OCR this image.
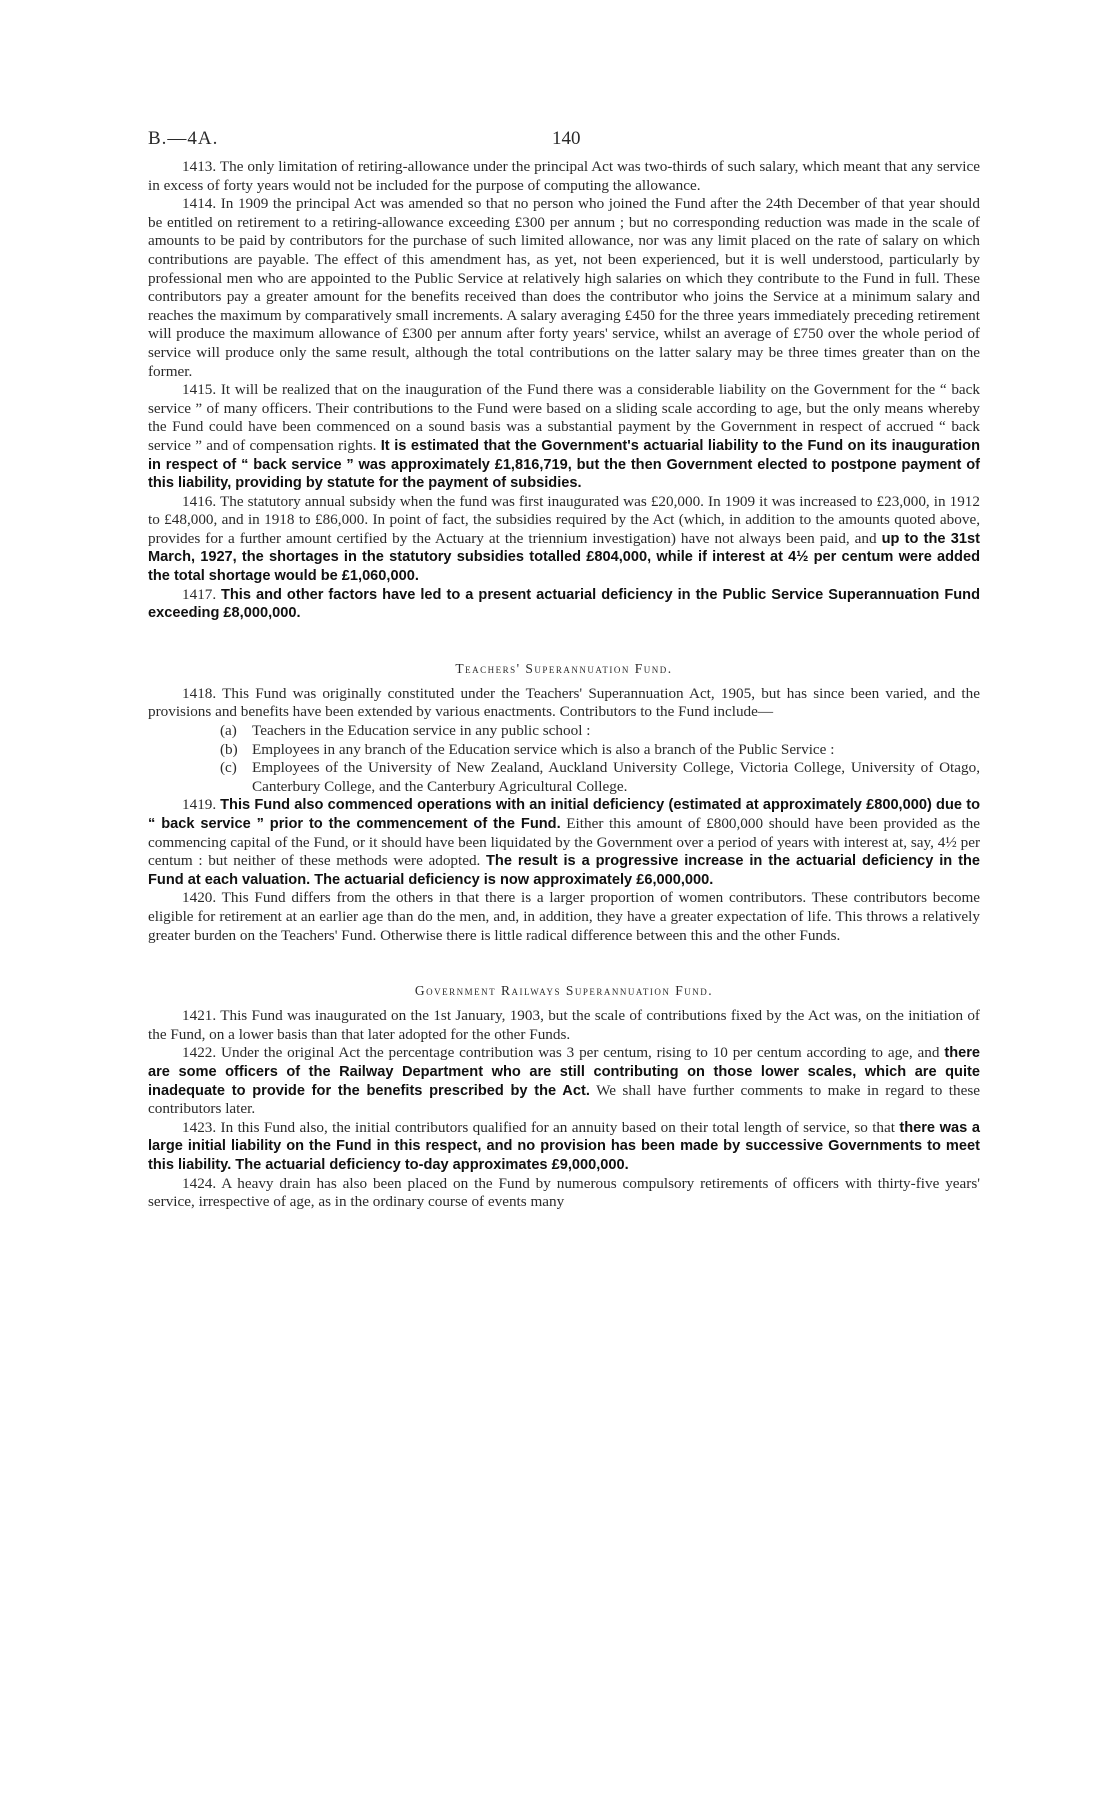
B.—4A.	140

1413. The only limitation of retiring-allowance under the principal Act was two-thirds of such salary, which meant that any service in excess of forty years would not be included for the purpose of computing the allowance.

1414. In 1909 the principal Act was amended so that no person who joined the Fund after the 24th December of that year should be entitled on retirement to a retiring-allowance exceeding £300 per annum ; but no corresponding reduction was made in the scale of amounts to be paid by contributors for the purchase of such limited allowance, nor was any limit placed on the rate of salary on which contributions are payable. The effect of this amendment has, as yet, not been experienced, but it is well understood, particularly by professional men who are appointed to the Public Service at relatively high salaries on which they contribute to the Fund in full. These contributors pay a greater amount for the benefits received than does the contributor who joins the Service at a minimum salary and reaches the maximum by comparatively small increments. A salary averaging £450 for the three years immediately preceding retirement will produce the maximum allowance of £300 per annum after forty years' service, whilst an average of £750 over the whole period of service will produce only the same result, although the total contributions on the latter salary may be three times greater than on the former.

1415. It will be realized that on the inauguration of the Fund there was a considerable liability on the Government for the “ back service ” of many officers. Their contributions to the Fund were based on a sliding scale according to age, but the only means whereby the Fund could have been commenced on a sound basis was a substantial payment by the Government in respect of accrued “ back service ” and of compensation rights. It is estimated that the Government's actuarial liability to the Fund on its inauguration in respect of “ back service ” was approximately £1,816,719, but the then Government elected to postpone payment of this liability, providing by statute for the payment of subsidies.

1416. The statutory annual subsidy when the fund was first inaugurated was £20,000. In 1909 it was increased to £23,000, in 1912 to £48,000, and in 1918 to £86,000. In point of fact, the subsidies required by the Act (which, in addition to the amounts quoted above, provides for a further amount certified by the Actuary at the triennium investigation) have not always been paid, and up to the 31st March, 1927, the shortages in the statutory subsidies totalled £804,000, while if interest at 4½ per centum were added the total shortage would be £1,060,000.

1417. This and other factors have led to a present actuarial deficiency in the Public Service Superannuation Fund exceeding £8,000,000.

Teachers' Superannuation Fund.

1418. This Fund was originally constituted under the Teachers' Superannuation Act, 1905, but has since been varied, and the provisions and benefits have been extended by various enactments. Contributors to the Fund include—

(a) Teachers in the Education service in any public school :
(b) Employees in any branch of the Education service which is also a branch of the Public Service :
(c) Employees of the University of New Zealand, Auckland University College, Victoria College, University of Otago, Canterbury College, and the Canterbury Agricultural College.

1419. This Fund also commenced operations with an initial deficiency (estimated at approximately £800,000) due to “ back service ” prior to the commencement of the Fund. Either this amount of £800,000 should have been provided as the commencing capital of the Fund, or it should have been liquidated by the Government over a period of years with interest at, say, 4½ per centum : but neither of these methods were adopted. The result is a progressive increase in the actuarial deficiency in the Fund at each valuation. The actuarial deficiency is now approximately £6,000,000.

1420. This Fund differs from the others in that there is a larger proportion of women contributors. These contributors become eligible for retirement at an earlier age than do the men, and, in addition, they have a greater expectation of life. This throws a relatively greater burden on the Teachers' Fund. Otherwise there is little radical difference between this and the other Funds.

Government Railways Superannuation Fund.

1421. This Fund was inaugurated on the 1st January, 1903, but the scale of contributions fixed by the Act was, on the initiation of the Fund, on a lower basis than that later adopted for the other Funds.

1422. Under the original Act the percentage contribution was 3 per centum, rising to 10 per centum according to age, and there are some officers of the Railway Department who are still contributing on those lower scales, which are quite inadequate to provide for the benefits prescribed by the Act. We shall have further comments to make in regard to these contributors later.

1423. In this Fund also, the initial contributors qualified for an annuity based on their total length of service, so that there was a large initial liability on the Fund in this respect, and no provision has been made by successive Governments to meet this liability. The actuarial deficiency to-day approximates £9,000,000.

1424. A heavy drain has also been placed on the Fund by numerous compulsory retirements of officers with thirty-five years' service, irrespective of age, as in the ordinary course of events many
